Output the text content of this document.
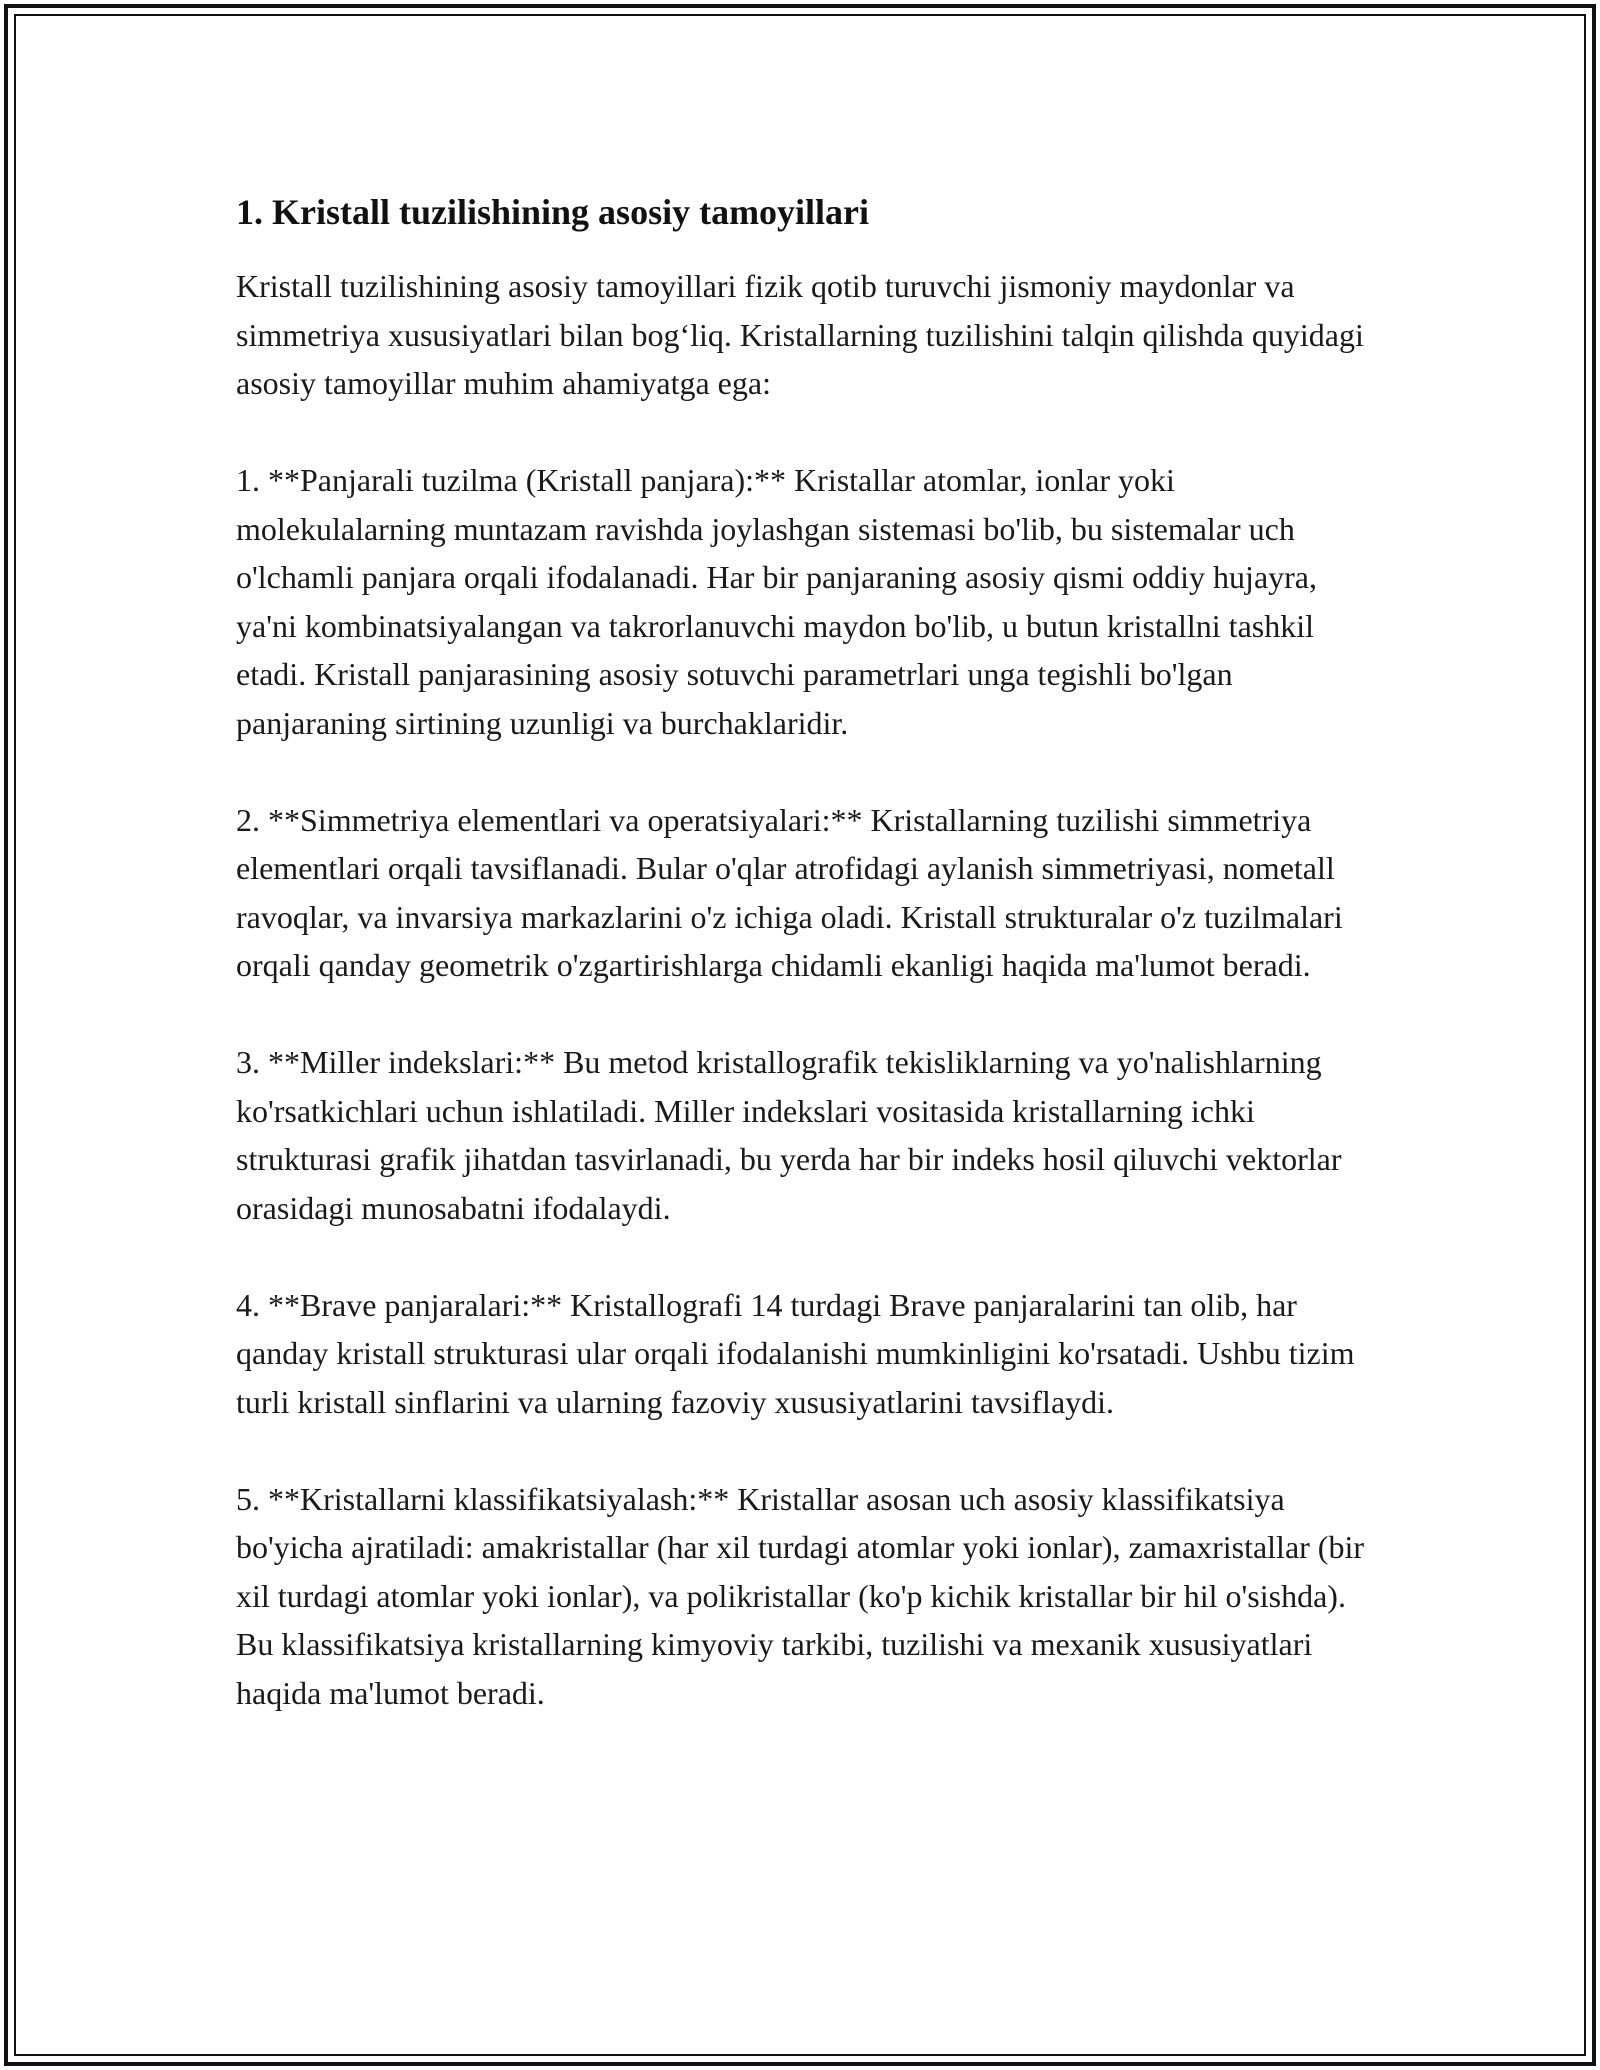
1. Kristall tuzilishining asosiy tamoyillari

Kristall tuzilishining asosiy tamoyillari fizik qotib turuvchi jismoniy maydonlar va simmetriya xususiyatlari bilan bog‘liq. Kristallarning tuzilishini talqin qilishda quyidagi asosiy tamoyillar muhim ahamiyatga ega:

1. **Panjarali tuzilma (Kristall panjara):** Kristallar atomlar, ionlar yoki molekulalarning muntazam ravishda joylashgan sistemasi bo'lib, bu sistemalar uch o'lchamli panjara orqali ifodalanadi. Har bir panjaraning asosiy qismi oddiy hujayra, ya'ni kombinatsiyalangan va takrorlanuvchi maydon bo'lib, u butun kristallni tashkil etadi. Kristall panjarasining asosiy sotuvchi parametrlari unga tegishli bo'lgan panjaraning sirtining uzunligi va burchaklaridir.

2. **Simmetriya elementlari va operatsiyalari:** Kristallarning tuzilishi simmetriya elementlari orqali tavsiflanadi. Bular o'qlar atrofidagi aylanish simmetriyasi, nometall ravoqlar, va invarsiya markazlarini o'z ichiga oladi. Kristall strukturalar o'z tuzilmalari orqali qanday geometrik o'zgartirishlarga chidamli ekanligi haqida ma'lumot beradi.

3. **Miller indekslari:** Bu metod kristallografik tekisliklarning va yo'nalishlarning ko'rsatkichlari uchun ishlatiladi. Miller indekslari vositasida kristallarning ichki strukturasi grafik jihatdan tasvirlanadi, bu yerda har bir indeks hosil qiluvchi vektorlar orasidagi munosabatni ifodalaydi.

4. **Brave panjaralari:** Kristallografi 14 turdagi Brave panjaralarini tan olib, har qanday kristall strukturasi ular orqali ifodalanishi mumkinligini ko'rsatadi. Ushbu tizim turli kristall sinflarini va ularning fazoviy xususiyatlarini tavsiflaydi.

5. **Kristallarni klassifikatsiyalash:** Kristallar asosan uch asosiy klassifikatsiya bo'yicha ajratiladi: amakristallar (har xil turdagi atomlar yoki ionlar), zamaxristallar (bir xil turdagi atomlar yoki ionlar), va polikristallar (ko'p kichik kristallar bir hil o'sishda). Bu klassifikatsiya kristallarning kimyoviy tarkibi, tuzilishi va mexanik xususiyatlari haqida ma'lumot beradi.
